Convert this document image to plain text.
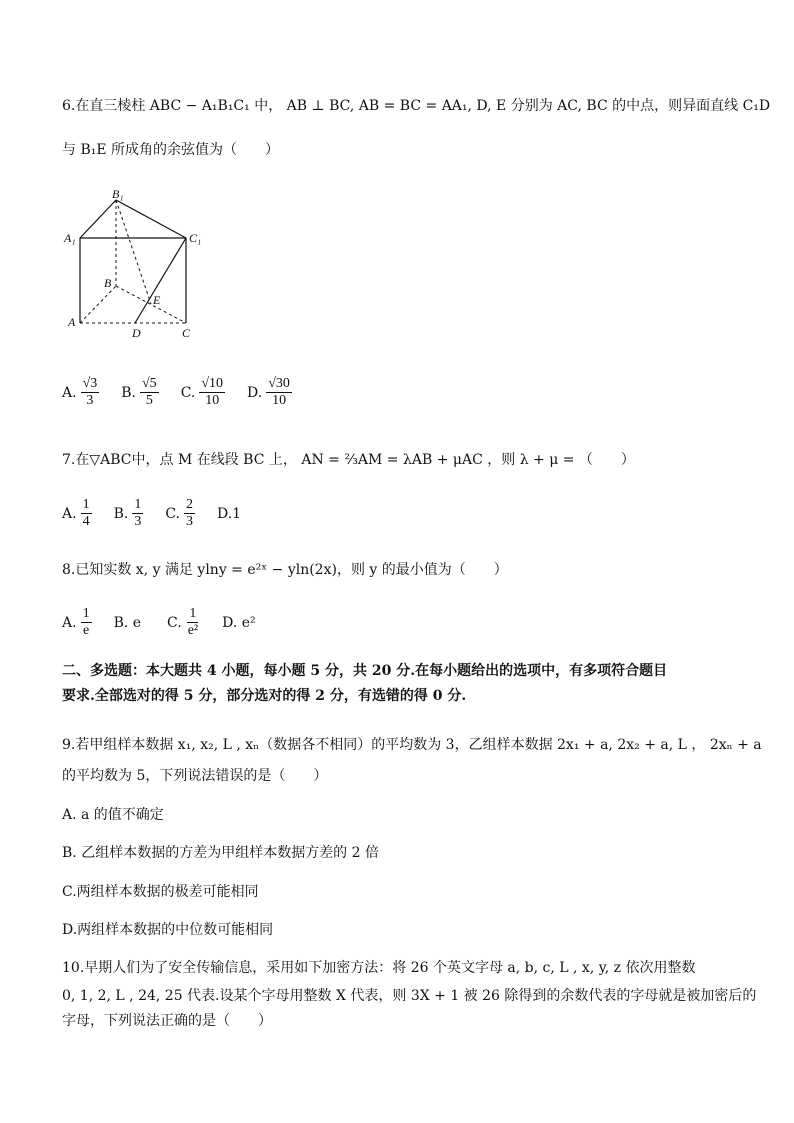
6.在直三棱柱 ABC − A₁B₁C₁ 中， AB ⊥ BC, AB = BC = AA₁, D, E 分别为 AC, BC 的中点，则异面直线 C₁D
与 B₁E 所成角的余弦值为（　　）
B₁
A₁	C₁
B
E
A
D	C
A. $\frac{√3}{3} B$. $\frac{√5}{5} C$. $\frac{√10}{10} D$. $\frac{√30}{10}$
7.在▽ABC中，点 M 在线段 BC 上， AN = ⅔AM = λAB + μAC ，则 λ + μ = （　　）
A. $\frac{1}{4} B$. $\frac{1}{3} C$. $\frac{2}{3} D.1$
8.已知实数 x, y 满足 ylny = e²ˣ − yln(2x)，则 y 的最小值为（　　）
A. $\frac{1}{e} B$. e C. $\frac{1}{\text{e²}} D$. e²
二、多选题：本大题共 4 小题，每小题 5 分，共 20 分.在每小题给出的选项中，有多项符合题目
要求.全部选对的得 5 分，部分选对的得 2 分，有选错的得 0 分.
9.若甲组样本数据 x₁, x₂, L , xₙ（数据各不相同）的平均数为 3，乙组样本数据 2x₁ + a, 2x₂ + a, L ， 2xₙ + a
的平均数为 5，下列说法错误的是（　　）
A. a 的值不确定
B. 乙组样本数据的方差为甲组样本数据方差的 2 倍
C.两组样本数据的极差可能相同
D.两组样本数据的中位数可能相同
10.早期人们为了安全传输信息，采用如下加密方法：将 26 个英文字母 a, b, c, L , x, y, z 依次用整数
0, 1, 2, L , 24, 25 代表.设某个字母用整数 X 代表，则 3X + 1 被 26 除得到的余数代表的字母就是被加密后的
字母，下列说法正确的是（　　）
